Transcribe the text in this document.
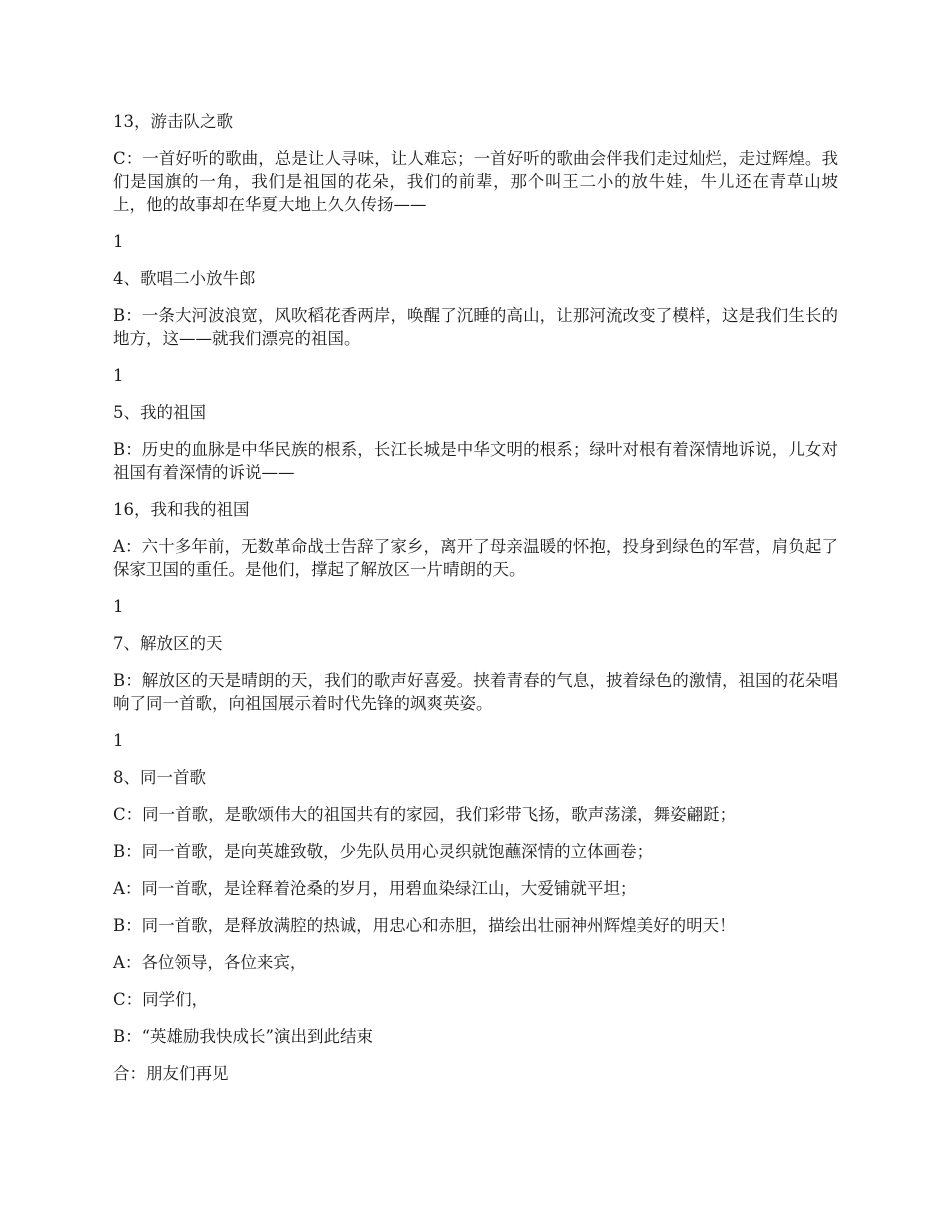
13，游击队之歌

C：一首好听的歌曲，总是让人寻味，让人难忘；一首好听的歌曲会伴我们走过灿烂，走过辉煌。我们是国旗的一角，我们是祖国的花朵，我们的前辈，那个叫王二小的放牛娃，牛儿还在青草山坡上，他的故事却在华夏大地上久久传扬——

1

4、歌唱二小放牛郎

B：一条大河波浪宽，风吹稻花香两岸，唤醒了沉睡的高山，让那河流改变了模样，这是我们生长的地方，这——就我们漂亮的祖国。

1

5、我的祖国

B：历史的血脉是中华民族的根系，长江长城是中华文明的根系；绿叶对根有着深情地诉说，儿女对祖国有着深情的诉说——

16，我和我的祖国

A：六十多年前，无数革命战士告辞了家乡，离开了母亲温暖的怀抱，投身到绿色的军营，肩负起了保家卫国的重任。是他们，撑起了解放区一片晴朗的天。

1

7、解放区的天

B：解放区的天是晴朗的天，我们的歌声好喜爱。挟着青春的气息，披着绿色的激情，祖国的花朵唱响了同一首歌，向祖国展示着时代先锋的飒爽英姿。

1

8、同一首歌

C：同一首歌，是歌颂伟大的祖国共有的家园，我们彩带飞扬，歌声荡漾，舞姿翩跹；

B：同一首歌，是向英雄致敬，少先队员用心灵织就饱蘸深情的立体画卷；

A：同一首歌，是诠释着沧桑的岁月，用碧血染绿江山，大爱铺就平坦；

B：同一首歌，是释放满腔的热诚，用忠心和赤胆，描绘出壮丽神州辉煌美好的明天！

A：各位领导，各位来宾，

C：同学们，

B：“英雄励我快成长”演出到此结束

合：朋友们再见
